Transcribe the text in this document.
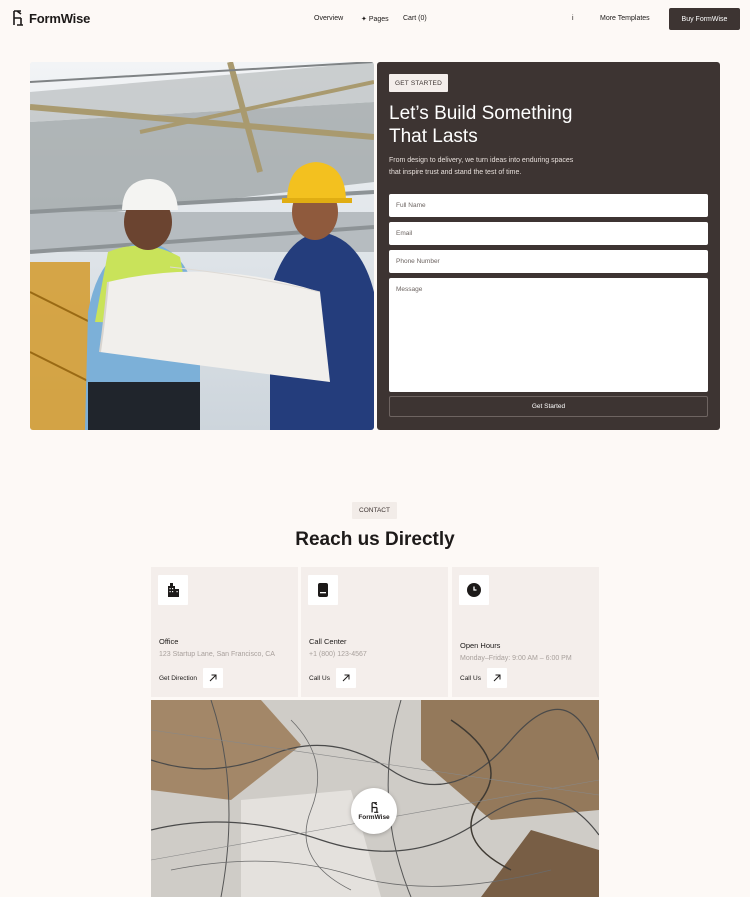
FormWise	Overview	✦ Pages Cart (0)	i	More Templates	Buy FormWise
GET STARTED
Let’s Build Something
That Lasts

From design to delivery, we turn ideas into enduring spaces
that inspire trust and stand the test of time.

Full Name
Email
Phone Number
Message
Get Started
CONTACT
Reach us Directly
Office
123 Startup Lane, San Francisco, CA
Get Direction
Call Center
+1 (800) 123-4567
Call Us
Open Hours
Monday–Friday: 9:00 AM – 6:00 PM
Call Us
FormWise
